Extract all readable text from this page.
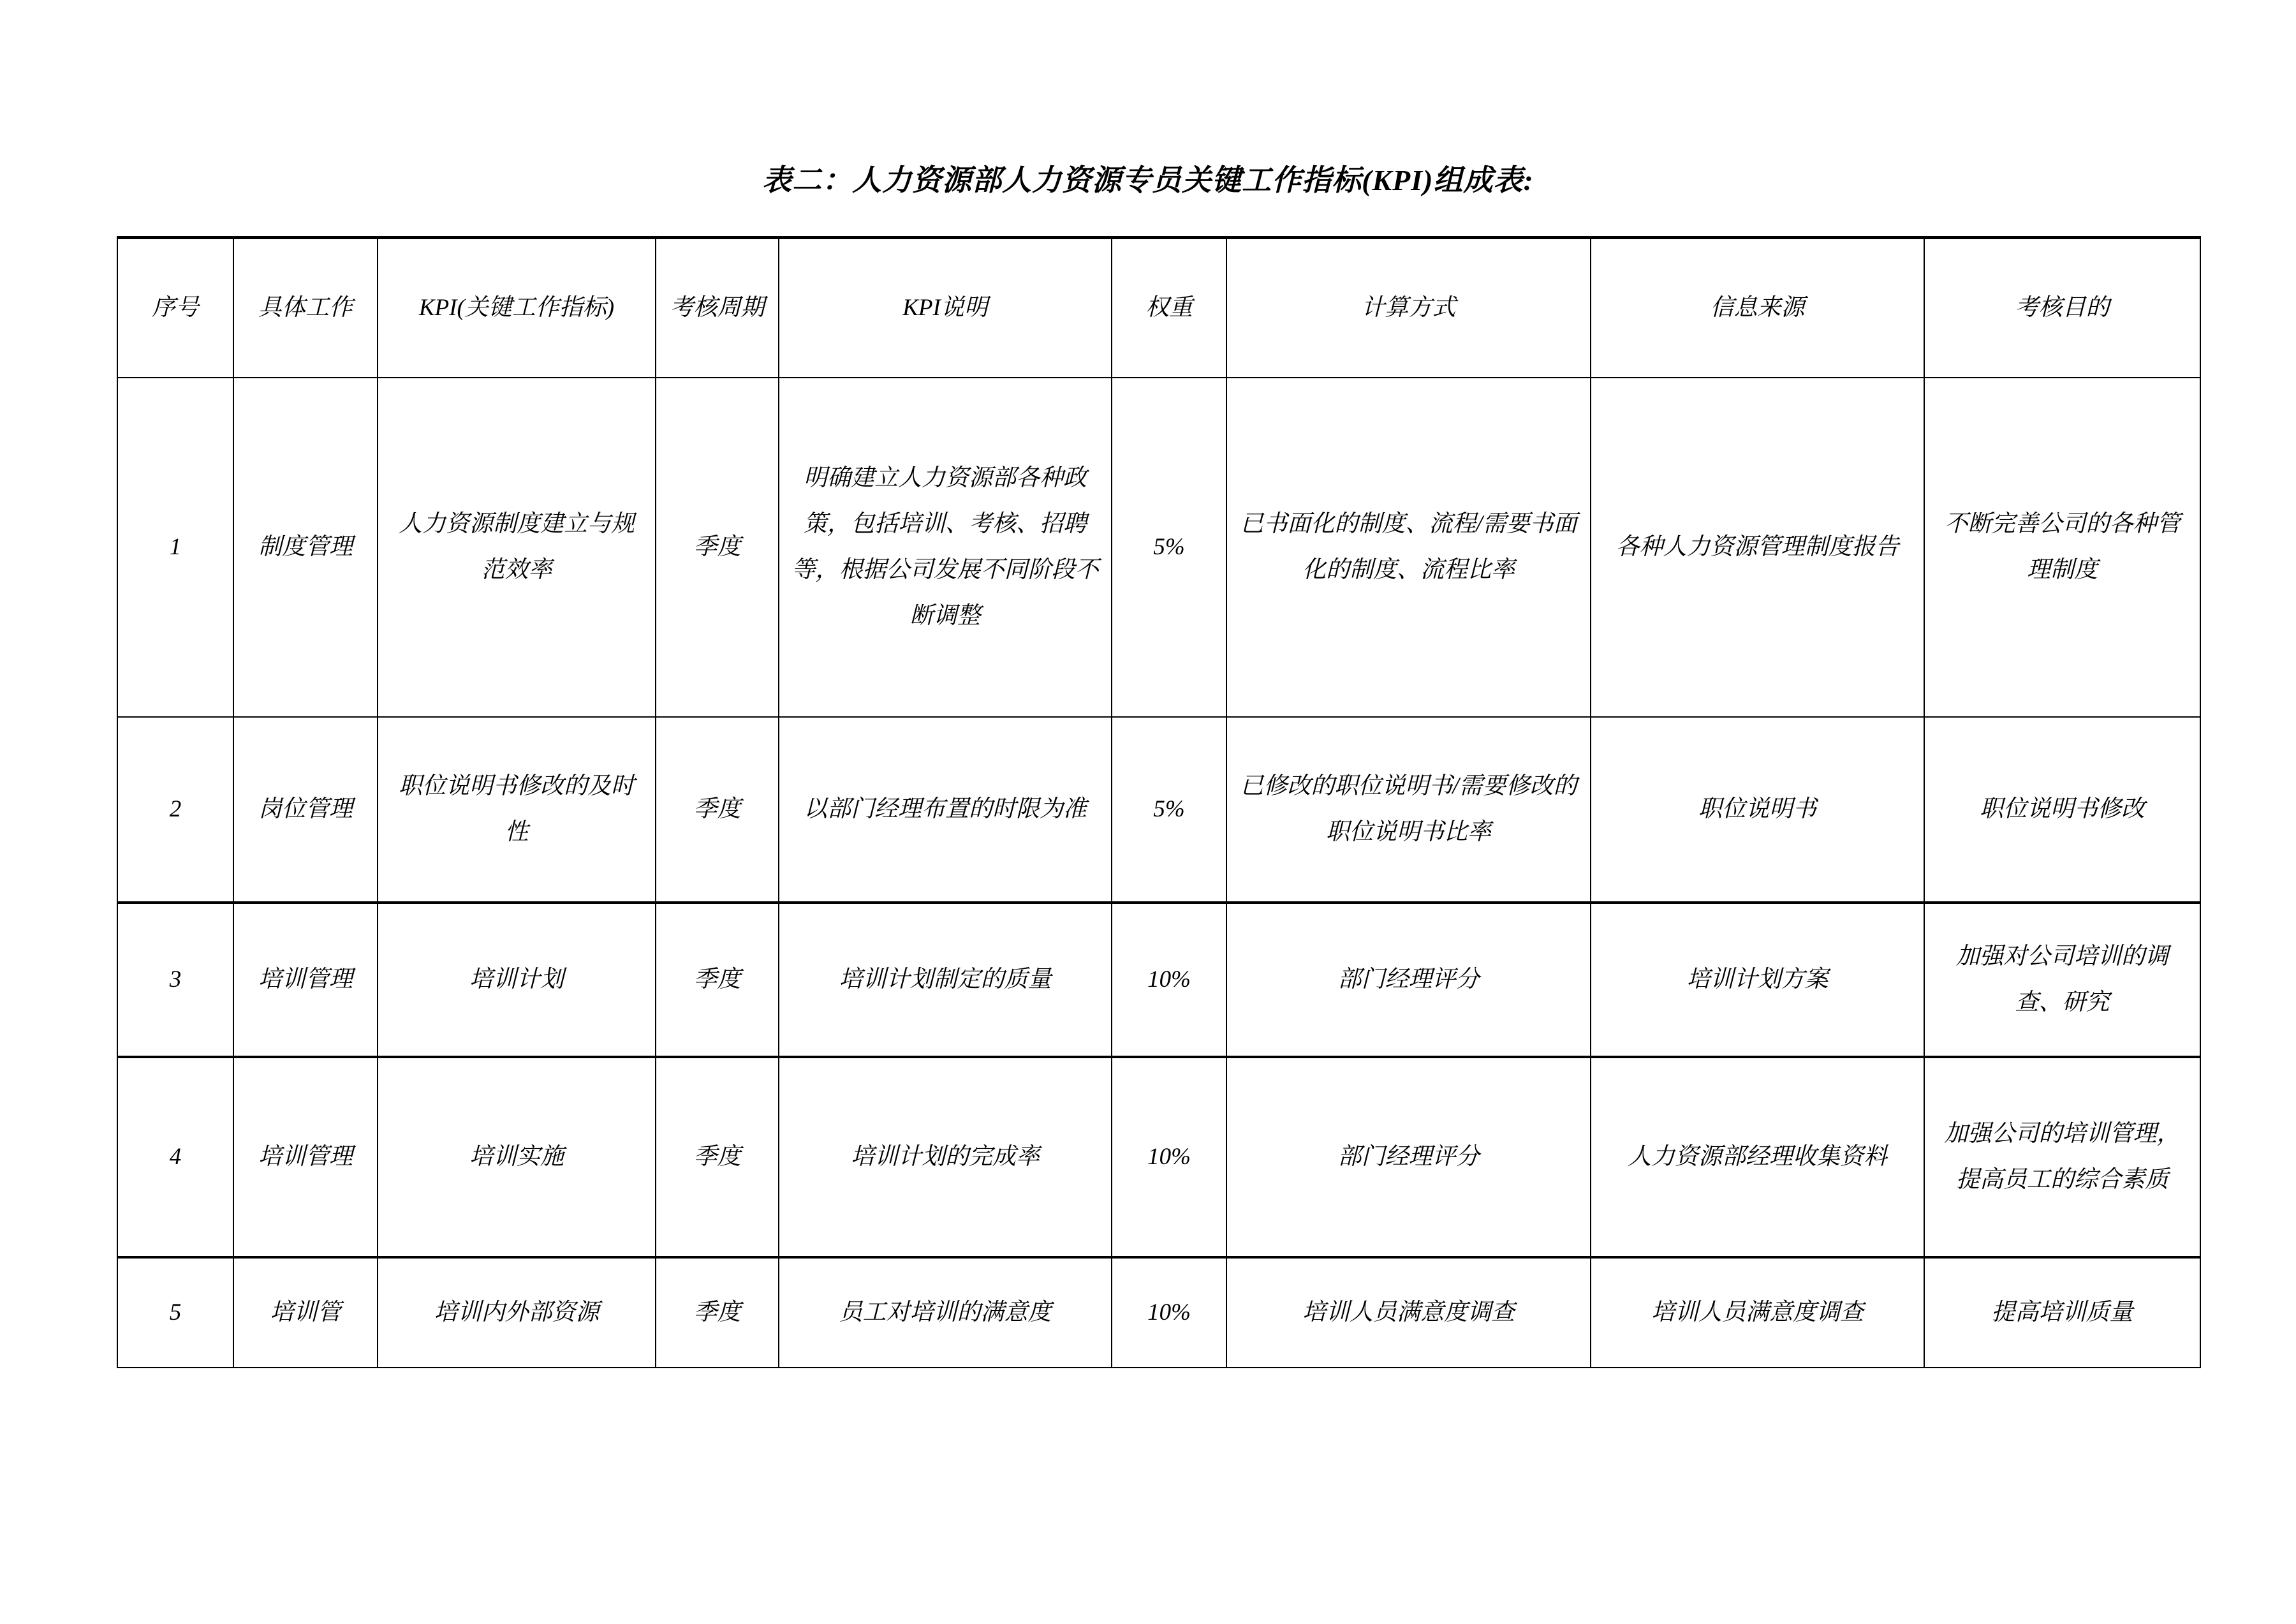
表二：人力资源部人力资源专员关键工作指标(KPI)组成表:
序号	具体工作	KPI(关键工作指标)	考核周期	KPI说明	权重	计算方式	信息来源	考核目的
1	制度管理	人力资源制度建立与规范效率	季度	明确建立人力资源部各种政策，包括培训、考核、招聘等，根据公司发展不同阶段不断调整	5%	已书面化的制度、流程/需要书面化的制度、流程比率	各种人力资源管理制度报告	不断完善公司的各种管理制度
2	岗位管理	职位说明书修改的及时性	季度	以部门经理布置的时限为准	5%	已修改的职位说明书/需要修改的职位说明书比率	职位说明书	职位说明书修改
3	培训管理	培训计划	季度	培训计划制定的质量	10%	部门经理评分	培训计划方案	加强对公司培训的调查、研究
4	培训管理	培训实施	季度	培训计划的完成率	10%	部门经理评分	人力资源部经理收集资料	加强公司的培训管理，提高员工的综合素质
5	培训管	培训内外部资源	季度	员工对培训的满意度	10%	培训人员满意度调查	培训人员满意度调查	提高培训质量
